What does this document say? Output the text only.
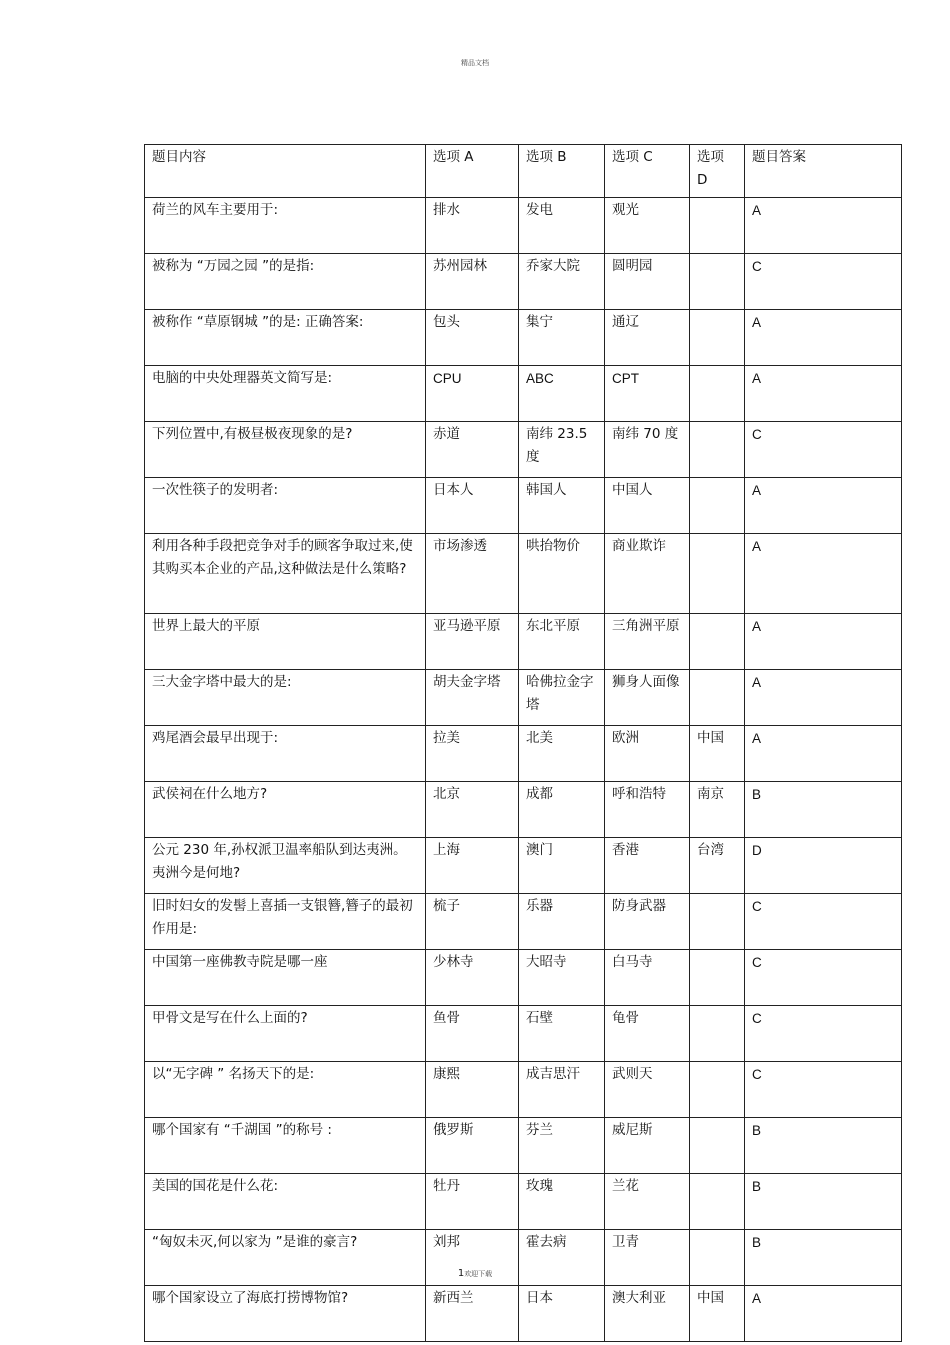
精品文档
题目内容	选项 A	选项 B	选项 C	选项 D	题目答案
荷兰的风车主要用于:	排水	发电	观光		A
被称为 “万园之园 ”的是指:	苏州园林	乔家大院	圆明园		C
被称作 “草原钢城 ”的是: 正确答案:	包头	集宁	通辽		A
电脑的中央处理器英文简写是:	CPU	ABC	CPT		A
下列位置中,有极昼极夜现象的是?	赤道	南纬 23.5 度	南纬 70 度		C
一次性筷子的发明者:	日本人	韩国人	中国人		A
利用各种手段把竞争对手的顾客争取过来,使其购买本企业的产品,这种做法是什么策略?	市场渗透	哄抬物价	商业欺诈		A
世界上最大的平原	亚马逊平原	东北平原	三角洲平原		A
三大金字塔中最大的是:	胡夫金字塔	哈佛拉金字塔	狮身人面像		A
鸡尾酒会最早出现于:	拉美	北美	欧洲	中国	A
武侯祠在什么地方?	北京	成都	呼和浩特	南京	B
公元 230 年,孙权派卫温率船队到达夷洲。夷洲今是何地?	上海	澳门	香港	台湾	D
旧时妇女的发髻上喜插一支银簪,簪子的最初作用是:	梳子	乐器	防身武器		C
中国第一座佛教寺院是哪一座	少林寺	大昭寺	白马寺		C
甲骨文是写在什么上面的?	鱼骨	石壁	龟骨		C
以“无字碑 ” 名扬天下的是:	康熙	成吉思汗	武则天		C
哪个国家有 “千湖国 ”的称号 :	俄罗斯	芬兰	威尼斯		B
美国的国花是什么花:	牡丹	玫瑰	兰花		B
“匈奴未灭,何以家为 ”是谁的豪言?	刘邦	霍去病	卫青		B
哪个国家设立了海底打捞博物馆?	新西兰	日本	澳大利亚	中国	A
1欢迎下载
